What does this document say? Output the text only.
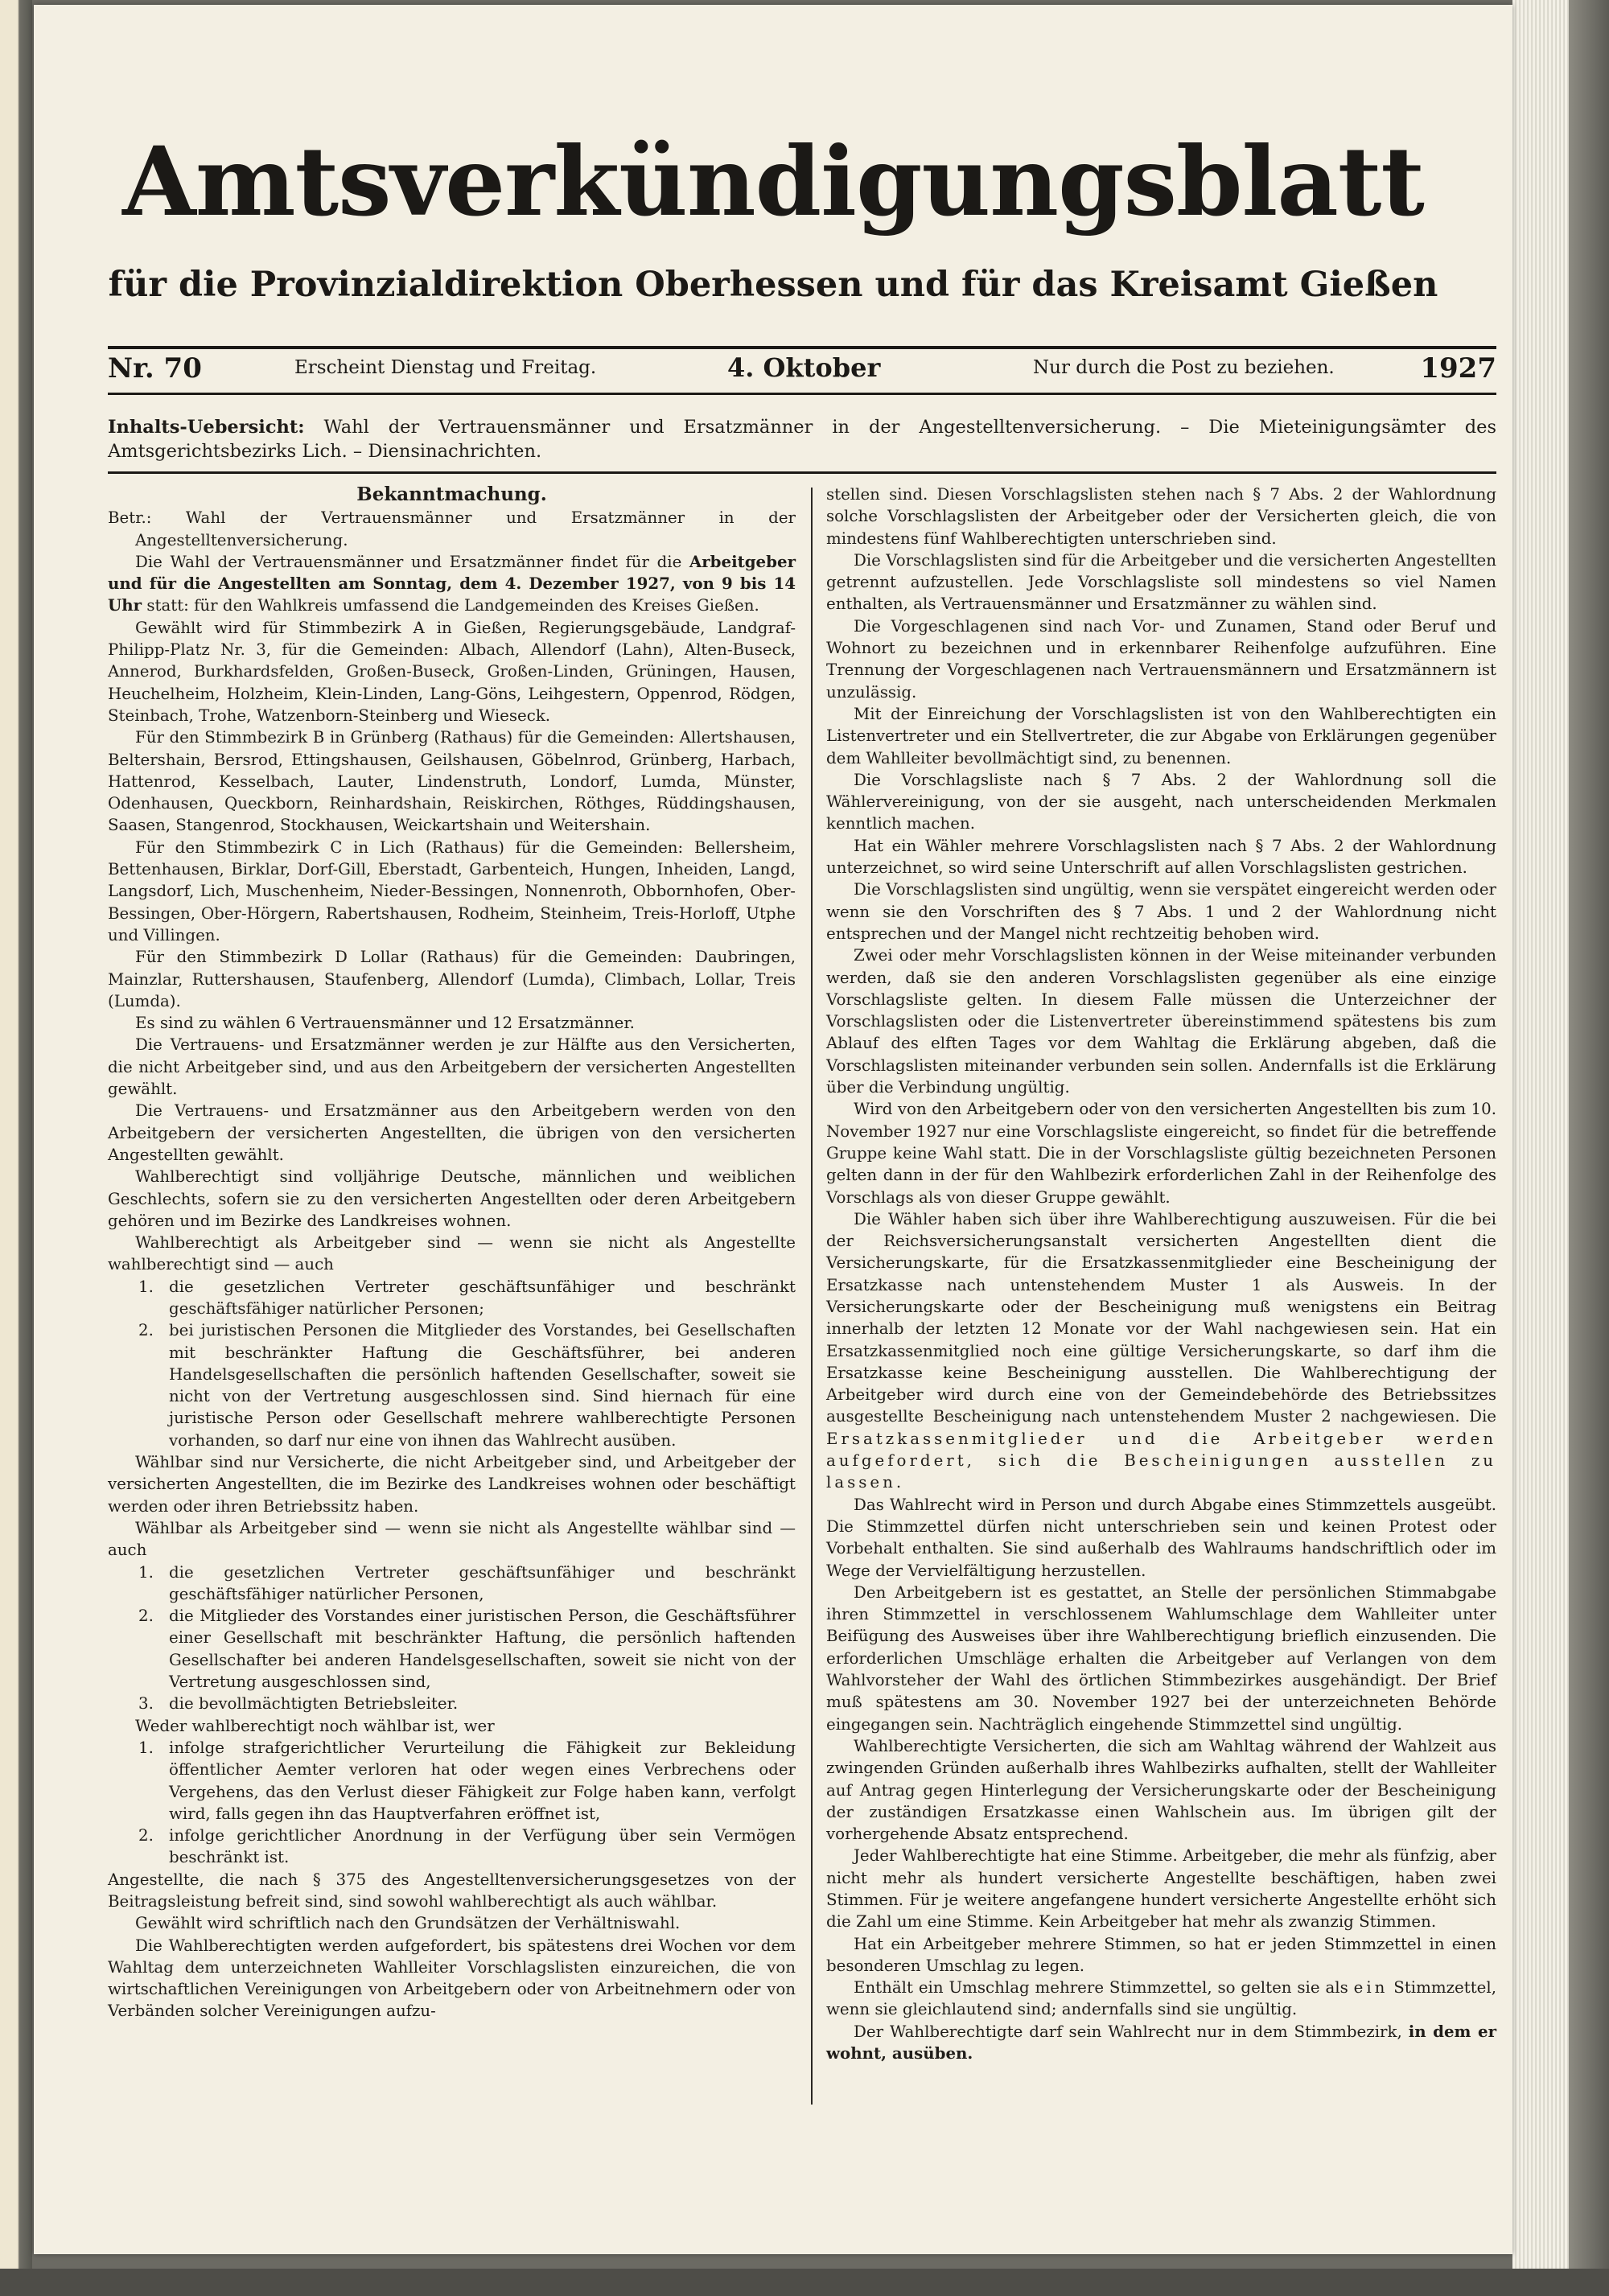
Amtsverkündigungsblatt
für die Provinzialdirektion Oberhessen und für das Kreisamt Gießen
Nr. 70	Erscheint Dienstag und Freitag.	4. Oktober	Nur durch die Post zu beziehen.	1927
Inhalts-Uebersicht: Wahl der Vertrauensmänner und Ersatzmänner in der Angestelltenversicherung. – Die Mieteinigungsämter des Amtsgerichtsbezirks Lich. – Diensinachrichten.

Bekanntmachung.

Betr.: Wahl der Vertrauensmänner und Ersatzmänner in der Angestelltenversicherung.

Die Wahl der Vertrauensmänner und Ersatzmänner findet für die Arbeitgeber und für die Angestellten am Sonntag, dem 4. Dezember 1927, von 9 bis 14 Uhr statt: für den Wahlkreis umfassend die Landgemeinden des Kreises Gießen.

Gewählt wird für Stimmbezirk A in Gießen, Regierungsgebäude, Landgraf-Philipp-Platz Nr. 3, für die Gemeinden: Albach, Allendorf (Lahn), Alten-Buseck, Annerod, Burkhardsfelden, Großen-Buseck, Großen-Linden, Grüningen, Hausen, Heuchelheim, Holzheim, Klein-Linden, Lang-Göns, Leihgestern, Oppenrod, Rödgen, Steinbach, Trohe, Watzenborn-Steinberg und Wieseck.

Für den Stimmbezirk B in Grünberg (Rathaus) für die Gemeinden: Allertshausen, Beltershain, Bersrod, Ettingshausen, Geilshausen, Göbelnrod, Grünberg, Harbach, Hattenrod, Kesselbach, Lauter, Lindenstruth, Londorf, Lumda, Münster, Odenhausen, Queckborn, Reinhardshain, Reiskirchen, Röthges, Rüddingshausen, Saasen, Stangenrod, Stockhausen, Weickartshain und Weitershain.

Für den Stimmbezirk C in Lich (Rathaus) für die Gemeinden: Bellersheim, Bettenhausen, Birklar, Dorf-Gill, Eberstadt, Garbenteich, Hungen, Inheiden, Langd, Langsdorf, Lich, Muschenheim, Nieder-Bessingen, Nonnenroth, Obbornhofen, Ober-Bessingen, Ober-Hörgern, Rabertshausen, Rodheim, Steinheim, Treis-Horloff, Utphe und Villingen.

Für den Stimmbezirk D Lollar (Rathaus) für die Gemeinden: Daubringen, Mainzlar, Ruttershausen, Staufenberg, Allendorf (Lumda), Climbach, Lollar, Treis (Lumda).

Es sind zu wählen 6 Vertrauensmänner und 12 Ersatzmänner.

Die Vertrauens- und Ersatzmänner werden je zur Hälfte aus den Versicherten, die nicht Arbeitgeber sind, und aus den Arbeitgebern der versicherten Angestellten gewählt.

Die Vertrauens- und Ersatzmänner aus den Arbeitgebern werden von den Arbeitgebern der versicherten Angestellten, die übrigen von den versicherten Angestellten gewählt.

Wahlberechtigt sind volljährige Deutsche, männlichen und weiblichen Geschlechts, sofern sie zu den versicherten Angestellten oder deren Arbeitgebern gehören und im Bezirke des Landkreises wohnen.

Wahlberechtigt als Arbeitgeber sind — wenn sie nicht als Angestellte wahlberechtigt sind — auch

1. die gesetzlichen Vertreter geschäftsunfähiger und beschränkt geschäftsfähiger natürlicher Personen;
2. bei juristischen Personen die Mitglieder des Vorstandes, bei Gesellschaften mit beschränkter Haftung die Geschäftsführer, bei anderen Handelsgesellschaften die persönlich haftenden Gesellschafter, soweit sie nicht von der Vertretung ausgeschlossen sind. Sind hiernach für eine juristische Person oder Gesellschaft mehrere wahlberechtigte Personen vorhanden, so darf nur eine von ihnen das Wahlrecht ausüben.

Wählbar sind nur Versicherte, die nicht Arbeitgeber sind, und Arbeitgeber der versicherten Angestellten, die im Bezirke des Landkreises wohnen oder beschäftigt werden oder ihren Betriebssitz haben.

Wählbar als Arbeitgeber sind — wenn sie nicht als Angestellte wählbar sind — auch

1. die gesetzlichen Vertreter geschäftsunfähiger und beschränkt geschäftsfähiger natürlicher Personen,
2. die Mitglieder des Vorstandes einer juristischen Person, die Geschäftsführer einer Gesellschaft mit beschränkter Haftung, die persönlich haftenden Gesellschafter bei anderen Handelsgesellschaften, soweit sie nicht von der Vertretung ausgeschlossen sind,
3. die bevollmächtigten Betriebsleiter.

Weder wahlberechtigt noch wählbar ist, wer

1. infolge strafgerichtlicher Verurteilung die Fähigkeit zur Bekleidung öffentlicher Aemter verloren hat oder wegen eines Verbrechens oder Vergehens, das den Verlust dieser Fähigkeit zur Folge haben kann, verfolgt wird, falls gegen ihn das Hauptverfahren eröffnet ist,
2. infolge gerichtlicher Anordnung in der Verfügung über sein Vermögen beschränkt ist.

Angestellte, die nach § 375 des Angestelltenversicherungsgesetzes von der Beitragsleistung befreit sind, sind sowohl wahlberechtigt als auch wählbar.

Gewählt wird schriftlich nach den Grundsätzen der Verhältniswahl.

Die Wahlberechtigten werden aufgefordert, bis spätestens drei Wochen vor dem Wahltag dem unterzeichneten Wahlleiter Vorschlagslisten einzureichen, die von wirtschaftlichen Vereinigungen von Arbeitgebern oder von Arbeitnehmern oder von Verbänden solcher Vereinigungen aufzu-

stellen sind. Diesen Vorschlagslisten stehen nach § 7 Abs. 2 der Wahlordnung solche Vorschlagslisten der Arbeitgeber oder der Versicherten gleich, die von mindestens fünf Wahlberechtigten unterschrieben sind.

Die Vorschlagslisten sind für die Arbeitgeber und die versicherten Angestellten getrennt aufzustellen. Jede Vorschlagsliste soll mindestens so viel Namen enthalten, als Vertrauensmänner und Ersatzmänner zu wählen sind.

Die Vorgeschlagenen sind nach Vor- und Zunamen, Stand oder Beruf und Wohnort zu bezeichnen und in erkennbarer Reihenfolge aufzuführen. Eine Trennung der Vorgeschlagenen nach Vertrauensmännern und Ersatzmännern ist unzulässig.

Mit der Einreichung der Vorschlagslisten ist von den Wahlberechtigten ein Listenvertreter und ein Stellvertreter, die zur Abgabe von Erklärungen gegenüber dem Wahlleiter bevollmächtigt sind, zu benennen.

Die Vorschlagsliste nach § 7 Abs. 2 der Wahlordnung soll die Wählervereinigung, von der sie ausgeht, nach unterscheidenden Merkmalen kenntlich machen.

Hat ein Wähler mehrere Vorschlagslisten nach § 7 Abs. 2 der Wahlordnung unterzeichnet, so wird seine Unterschrift auf allen Vorschlagslisten gestrichen.

Die Vorschlagslisten sind ungültig, wenn sie verspätet eingereicht werden oder wenn sie den Vorschriften des § 7 Abs. 1 und 2 der Wahlordnung nicht entsprechen und der Mangel nicht rechtzeitig behoben wird.

Zwei oder mehr Vorschlagslisten können in der Weise miteinander verbunden werden, daß sie den anderen Vorschlagslisten gegenüber als eine einzige Vorschlagsliste gelten. In diesem Falle müssen die Unterzeichner der Vorschlagslisten oder die Listenvertreter übereinstimmend spätestens bis zum Ablauf des elften Tages vor dem Wahltag die Erklärung abgeben, daß die Vorschlagslisten miteinander verbunden sein sollen. Andernfalls ist die Erklärung über die Verbindung ungültig.

Wird von den Arbeitgebern oder von den versicherten Angestellten bis zum 10. November 1927 nur eine Vorschlagsliste eingereicht, so findet für die betreffende Gruppe keine Wahl statt. Die in der Vorschlagsliste gültig bezeichneten Personen gelten dann in der für den Wahlbezirk erforderlichen Zahl in der Reihenfolge des Vorschlags als von dieser Gruppe gewählt.

Die Wähler haben sich über ihre Wahlberechtigung auszuweisen. Für die bei der Reichsversicherungsanstalt versicherten Angestellten dient die Versicherungskarte, für die Ersatzkassenmitglieder eine Bescheinigung der Ersatzkasse nach untenstehendem Muster 1 als Ausweis. In der Versicherungskarte oder der Bescheinigung muß wenigstens ein Beitrag innerhalb der letzten 12 Monate vor der Wahl nachgewiesen sein. Hat ein Ersatzkassenmitglied noch eine gültige Versicherungskarte, so darf ihm die Ersatzkasse keine Bescheinigung ausstellen. Die Wahlberechtigung der Arbeitgeber wird durch eine von der Gemeindebehörde des Betriebssitzes ausgestellte Bescheinigung nach untenstehendem Muster 2 nachgewiesen. Die Ersatzkassenmitglieder und die Arbeitgeber werden aufgefordert, sich die Bescheinigungen ausstellen zu lassen.

Das Wahlrecht wird in Person und durch Abgabe eines Stimmzettels ausgeübt. Die Stimmzettel dürfen nicht unterschrieben sein und keinen Protest oder Vorbehalt enthalten. Sie sind außerhalb des Wahlraums handschriftlich oder im Wege der Vervielfältigung herzustellen.

Den Arbeitgebern ist es gestattet, an Stelle der persönlichen Stimmabgabe ihren Stimmzettel in verschlossenem Wahlumschlage dem Wahlleiter unter Beifügung des Ausweises über ihre Wahlberechtigung brieflich einzusenden. Die erforderlichen Umschläge erhalten die Arbeitgeber auf Verlangen von dem Wahlvorsteher der Wahl des örtlichen Stimmbezirkes ausgehändigt. Der Brief muß spätestens am 30. November 1927 bei der unterzeichneten Behörde eingegangen sein. Nachträglich eingehende Stimmzettel sind ungültig.

Wahlberechtigte Versicherten, die sich am Wahltag während der Wahlzeit aus zwingenden Gründen außerhalb ihres Wahlbezirks aufhalten, stellt der Wahlleiter auf Antrag gegen Hinterlegung der Versicherungskarte oder der Bescheinigung der zuständigen Ersatzkasse einen Wahlschein aus. Im übrigen gilt der vorhergehende Absatz entsprechend.

Jeder Wahlberechtigte hat eine Stimme. Arbeitgeber, die mehr als fünfzig, aber nicht mehr als hundert versicherte Angestellte beschäftigen, haben zwei Stimmen. Für je weitere angefangene hundert versicherte Angestellte erhöht sich die Zahl um eine Stimme. Kein Arbeitgeber hat mehr als zwanzig Stimmen.

Hat ein Arbeitgeber mehrere Stimmen, so hat er jeden Stimmzettel in einen besonderen Umschlag zu legen.

Enthält ein Umschlag mehrere Stimmzettel, so gelten sie als ein Stimmzettel, wenn sie gleichlautend sind; andernfalls sind sie ungültig.

Der Wahlberechtigte darf sein Wahlrecht nur in dem Stimmbezirk, in dem er wohnt, ausüben.
